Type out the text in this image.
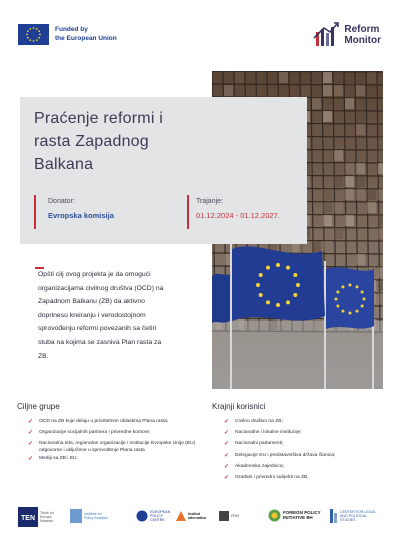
Funded by
the European Union
Reform
Monitor
Praćenje reformi i
rasta Zapadnog
Balkana
Donator:
Evropska komisija
Trajanje:
01.12.2024 - 01.12.2027.
Opšti cilj ovog projekta je da omogući
organizacijama civilnog društva (OCD) na
Zapadnom Balkanu (ZB) da aktivno
doprinesu kreiranju i verodostojnom
sprovođenju reformi povezanih sa četiri
stuba na kojima se zasniva Plan rasta za
ZB.
Ciljne grupe
✓ OCD na ZB koje deluju u prioritetnim oblastima Plana rasta;
✓ Organizacije socijalnih partnera i privredne komore;
✓ Nacionalna tela, regionalne organizacije i institucije Evropske Unije (EU) odgovorne i uključene u sprovođenje Plana rasta
✓ Mediji sa ZB i EU.
Krajnji korisnici
✓ Civilno društvo na ZB;
✓ Nacionalne i lokalne institucije;
✓ Nacionalni parlamenti;
✓ Delegacije EU i predstavništva država članica;
✓ Akademska zajednica;
✓ Građani i privredni subjekti na ZB.
TEN
Think for Europe Network
Institute for Policy Analysis
EUROPEAN POLICY CENTRE
Institut alternativa
PDM
FOREIGN POLICY INITIATIVE BH
CENTER FOR LEGAL AND POLITICAL STUDIES
